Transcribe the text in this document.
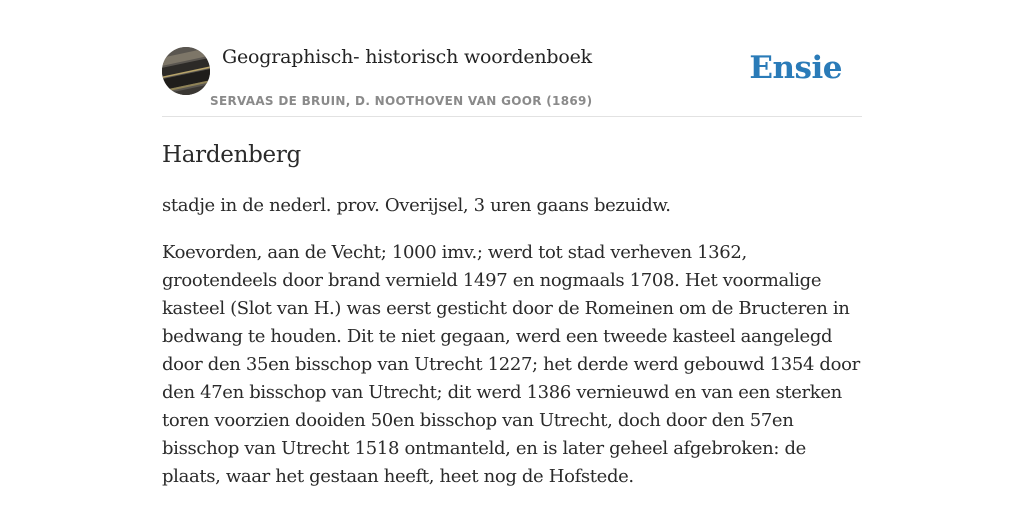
Geographisch- historisch woordenboek
SERVAAS DE BRUIN, D. NOOTHOVEN VAN GOOR (1869)
Ensie
Hardenberg

stadje in de nederl. prov. Overijsel, 3 uren gaans bezuidw.

Koevorden, aan de Vecht; 1000 imv.; werd tot stad verheven 1362, grootendeels door brand vernield 1497 en nogmaals 1708. Het voormalige kasteel (Slot van H.) was eerst gesticht door de Romeinen om de Bructeren in bedwang te houden. Dit te niet gegaan, werd een tweede kasteel aangelegd door den 35en bisschop van Utrecht 1227; het derde werd gebouwd 1354 door den 47en bisschop van Utrecht; dit werd 1386 vernieuwd en van een sterken toren voorzien dooiden 50en bisschop van Utrecht, doch door den 57en bisschop van Utrecht 1518 ontmanteld, en is later geheel afgebroken: de plaats, waar het gestaan heeft, heet nog de Hofstede.
